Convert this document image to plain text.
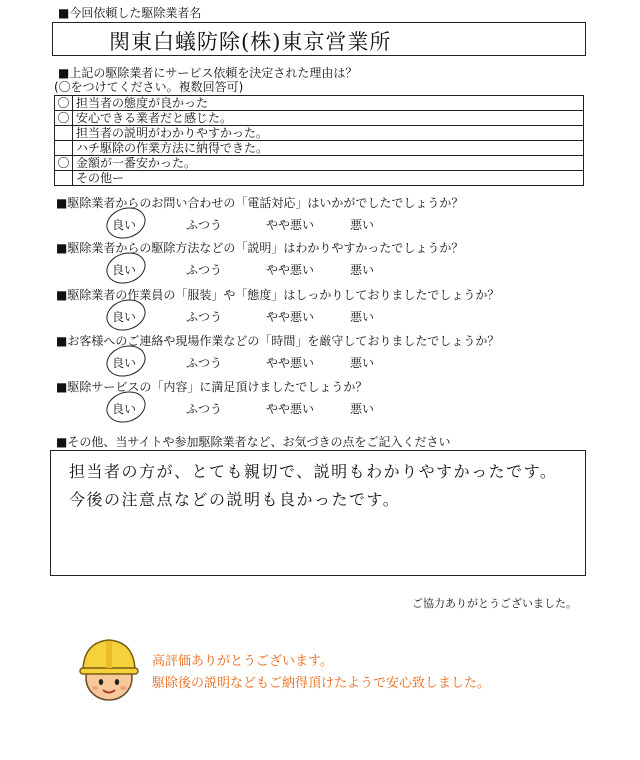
■今回依頼した駆除業者名
関東白蟻防除(株)東京営業所
■上記の駆除業者にサービス依頼を決定された理由は？
(〇をつけてください。複数回答可)
〇	担当者の態度が良かった
〇	安心できる業者だと感じた。
	担当者の説明がわかりやすかった。
	ハチ駆除の作業方法に納得できた。
〇	金額が一番安かった。
	その他ー
■駆除業者からのお問い合わせの「電話対応」はいかがでしたでしょうか？
良い	ふつう	やや悪い	悪い
■駆除業者からの駆除方法などの「説明」はわかりやすかったでしょうか？
良い	ふつう	やや悪い	悪い
■駆除業者の作業員の「服装」や「態度」はしっかりしておりましたでしょうか？
良い	ふつう	やや悪い	悪い
■お客様へのご連絡や現場作業などの「時間」を厳守しておりましたでしょうか？
良い	ふつう	やや悪い	悪い
■駆除サービスの「内容」に満足頂けましたでしょうか？
良い	ふつう	やや悪い	悪い
■その他、当サイトや参加駆除業者など、お気づきの点をご記入ください
担当者の方が、とても親切で、説明もわかりやすかったです。
今後の注意点などの説明も良かったです。
ご協力ありがとうございました。
高評価ありがとうございます。
駆除後の説明などもご納得頂けたようで安心致しました。
